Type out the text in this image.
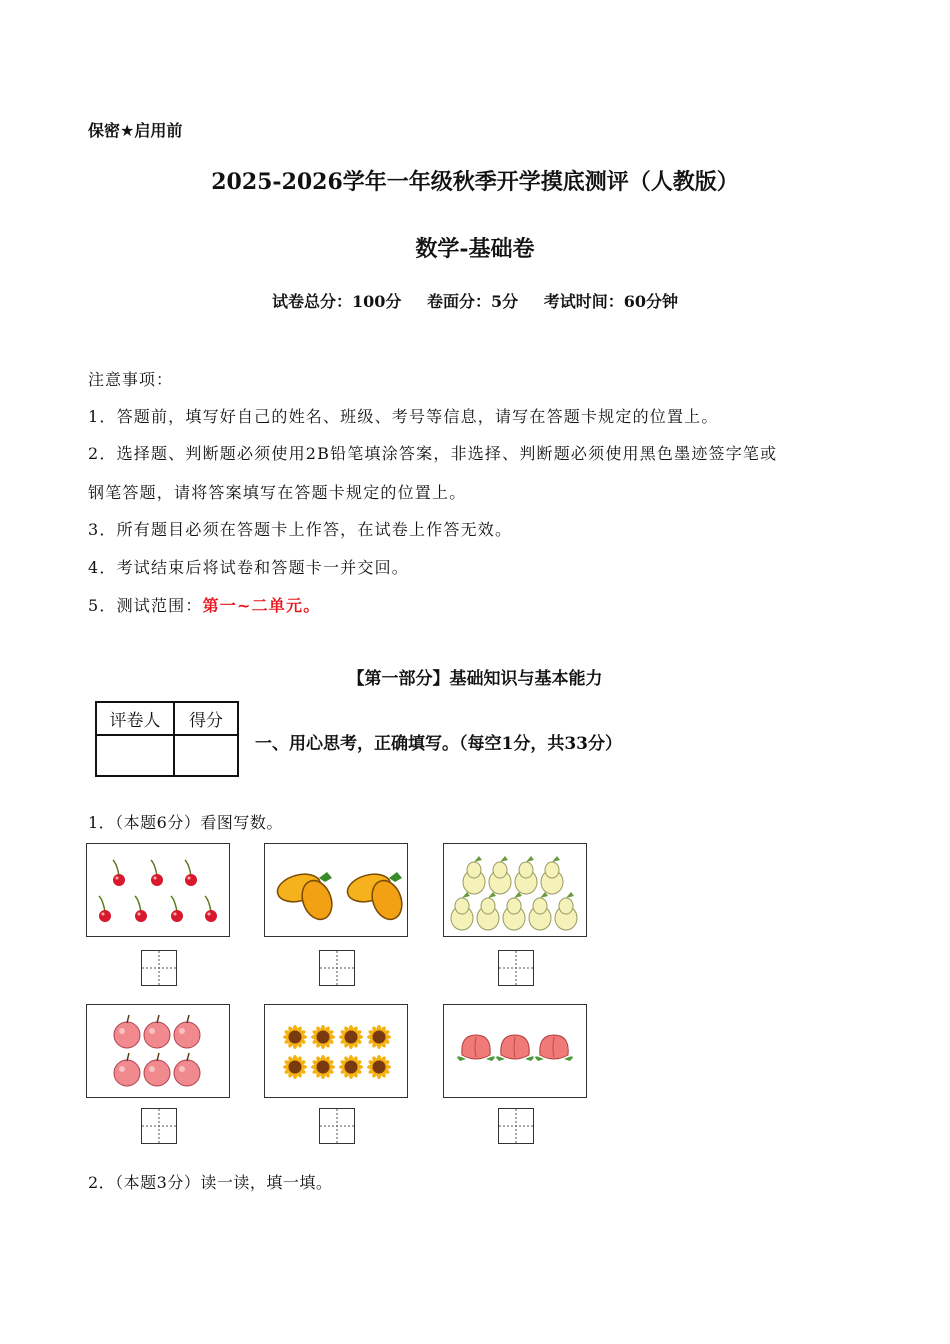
保密★启用前
2025-2026学年一年级秋季开学摸底测评（人教版）
数学-基础卷
试卷总分：100分 卷面分：5分 考试时间：60分钟
注意事项：
1．答题前，填写好自己的姓名、班级、考号等信息，请写在答题卡规定的位置上。
2．选择题、判断题必须使用2B铅笔填涂答案，非选择、判断题必须使用黑色墨迹签字笔或
钢笔答题，请将答案填写在答题卡规定的位置上。
3．所有题目必须在答题卡上作答，在试卷上作答无效。
4．考试结束后将试卷和答题卡一并交回。
5．测试范围：第一~二单元。
【第一部分】基础知识与基本能力
评卷人	得分

一、用心思考，正确填写。（每空1分，共33分）
1．（本题6分）看图写数。
2．（本题3分）读一读，填一填。
